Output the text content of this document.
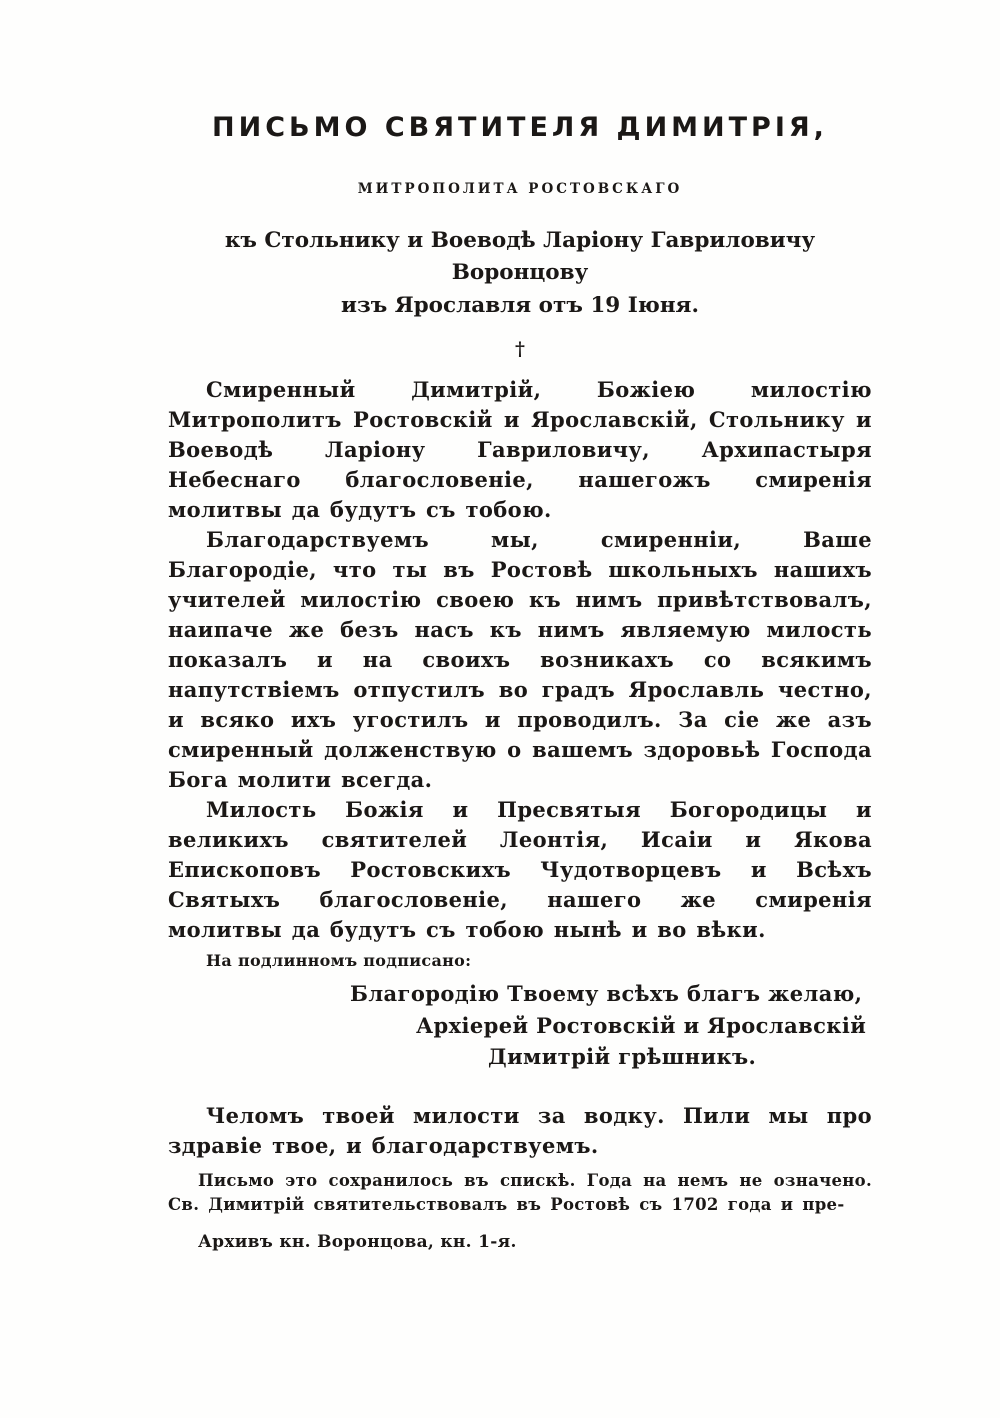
ПИСЬМО СВЯТИТЕЛЯ ДИМИТРІЯ,
МИТРОПОЛИТА РОСТОВСКАГО
къ Стольнику и Воеводѣ Ларіону Гавриловичу Воронцову
изъ Ярославля отъ 19 Іюня.
†

Смиренный Димитрій, Божіею милостію Митрополитъ Ростовскій и Ярославскій, Стольнику и Воеводѣ Ларіону Гавриловичу, Архипастыря Небеснаго благословеніе, нашегожъ смиренія молитвы да будутъ съ тобою.

Благодарствуемъ мы, смиренніи, Ваше Благородіе, что ты въ Ростовѣ школьныхъ нашихъ учителей милостію своею къ нимъ привѣтствовалъ, наипаче же безъ насъ къ нимъ являемую милость показалъ и на своихъ возникахъ со всякимъ напутствіемъ отпустилъ во градъ Ярославль честно, и всяко ихъ угостилъ и проводилъ. За сіе же азъ смиренный долженствую о вашемъ здоровьѣ Господа Бога молити всегда.

Милость Божія и Пресвятыя Богородицы и великихъ святителей Леонтія, Исаіи и Якова Епископовъ Ростовскихъ Чудотворцевъ и Всѣхъ Святыхъ благословеніе, нашего же смиренія молитвы да будутъ съ тобою нынѣ и во вѣки.

На подлинномъ подписано:
Благородію Твоему всѣхъ благъ желаю,
Архіерей Ростовскій и Ярославскій
Димитрій грѣшникъ.

Челомъ твоей милости за водку. Пили мы про здравіе твое, и благодарствуемъ.

Письмо это сохранилось въ спискѣ. Года на немъ не означено. Св. Димитрій святительствовалъ въ Ростовѣ съ 1702 года и пре-

Архивъ кн. Воронцова, кн. 1-я.
